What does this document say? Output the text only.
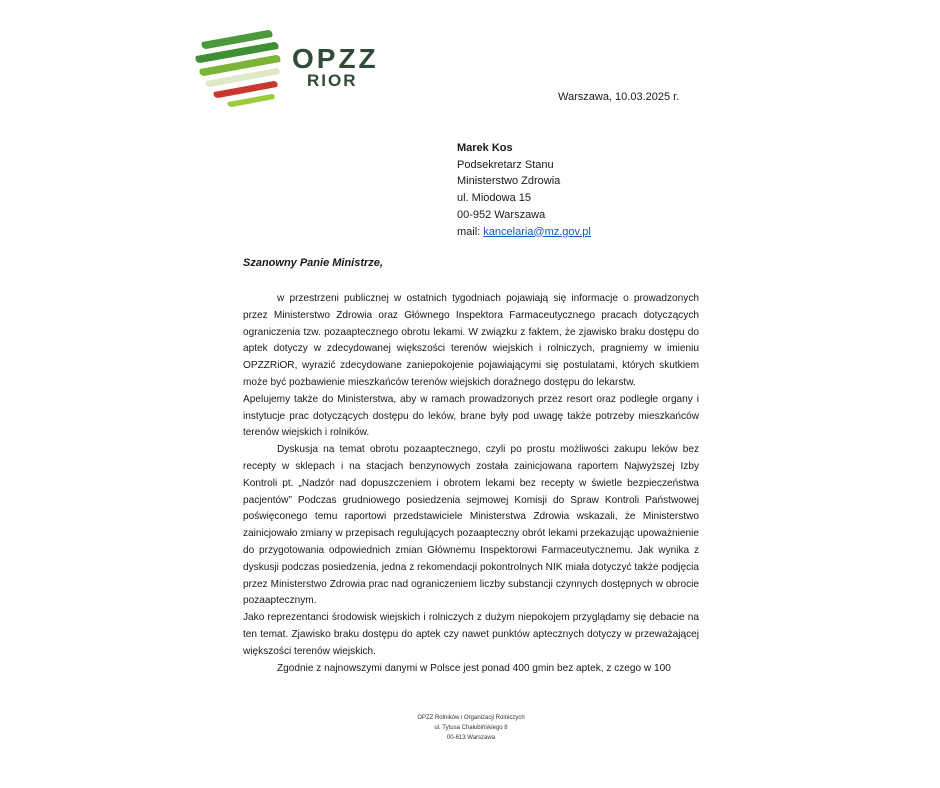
OPZZ
RIOR
Warszawa, 10.03.2025 r.
Marek Kos
Podsekretarz Stanu
Ministerstwo Zdrowia
ul. Miodowa 15
00-952 Warszawa
mail: kancelaria@mz.gov.pl
Szanowny Panie Ministrze,

w przestrzeni publicznej w ostatnich tygodniach pojawiają się informacje o prowadzonych przez Ministerstwo Zdrowia oraz Głównego Inspektora Farmaceutycznego pracach dotyczących ograniczenia tzw. pozaaptecznego obrotu lekami. W związku z faktem, że zjawisko braku dostępu do aptek dotyczy w zdecydowanej większości terenów wiejskich i rolniczych, pragniemy w imieniu OPZZRiOR, wyrazić zdecydowane zaniepokojenie pojawiającymi się postulatami, których skutkiem może być pozbawienie mieszkańców terenów wiejskich doraźnego dostępu do lekarstw.

Apelujemy także do Ministerstwa, aby w ramach prowadzonych przez resort oraz podległe organy i instytucje prac dotyczących dostępu do leków, brane były pod uwagę także potrzeby mieszkańców terenów wiejskich i rolników.

Dyskusja na temat obrotu pozaaptecznego, czyli po prostu możliwości zakupu leków bez recepty w sklepach i na stacjach benzynowych została zainicjowana raportem Najwyższej Izby Kontroli pt. „Nadzór nad dopuszczeniem i obrotem lekami bez recepty w świetle bezpieczeństwa pacjentów” Podczas grudniowego posiedzenia sejmowej Komisji do Spraw Kontroli Państwowej poświęconego temu raportowi przedstawiciele Ministerstwa Zdrowia wskazali, że Ministerstwo zainicjowało zmiany w przepisach regulujących pozaapteczny obrót lekami przekazując upoważnienie do przygotowania odpowiednich zmian Głównemu Inspektorowi Farmaceutycznemu. Jak wynika z dyskusji podczas posiedzenia, jedna z rekomendacji pokontrolnych NIK miała dotyczyć także podjęcia przez Ministerstwo Zdrowia prac nad ograniczeniem liczby substancji czynnych dostępnych w obrocie pozaaptecznym.

Jako reprezentanci środowisk wiejskich i rolniczych z dużym niepokojem przyglądamy się debacie na ten temat. Zjawisko braku dostępu do aptek czy nawet punktów aptecznych dotyczy w przeważającej większości terenów wiejskich.

Zgodnie z najnowszymi danymi w Polsce jest ponad 400 gmin bez aptek, z czego w 100

OPZZ Rolników i Organizacji Rolniczych
ul. Tytusa Chałubińskiego 8
00-613 Warszawa
